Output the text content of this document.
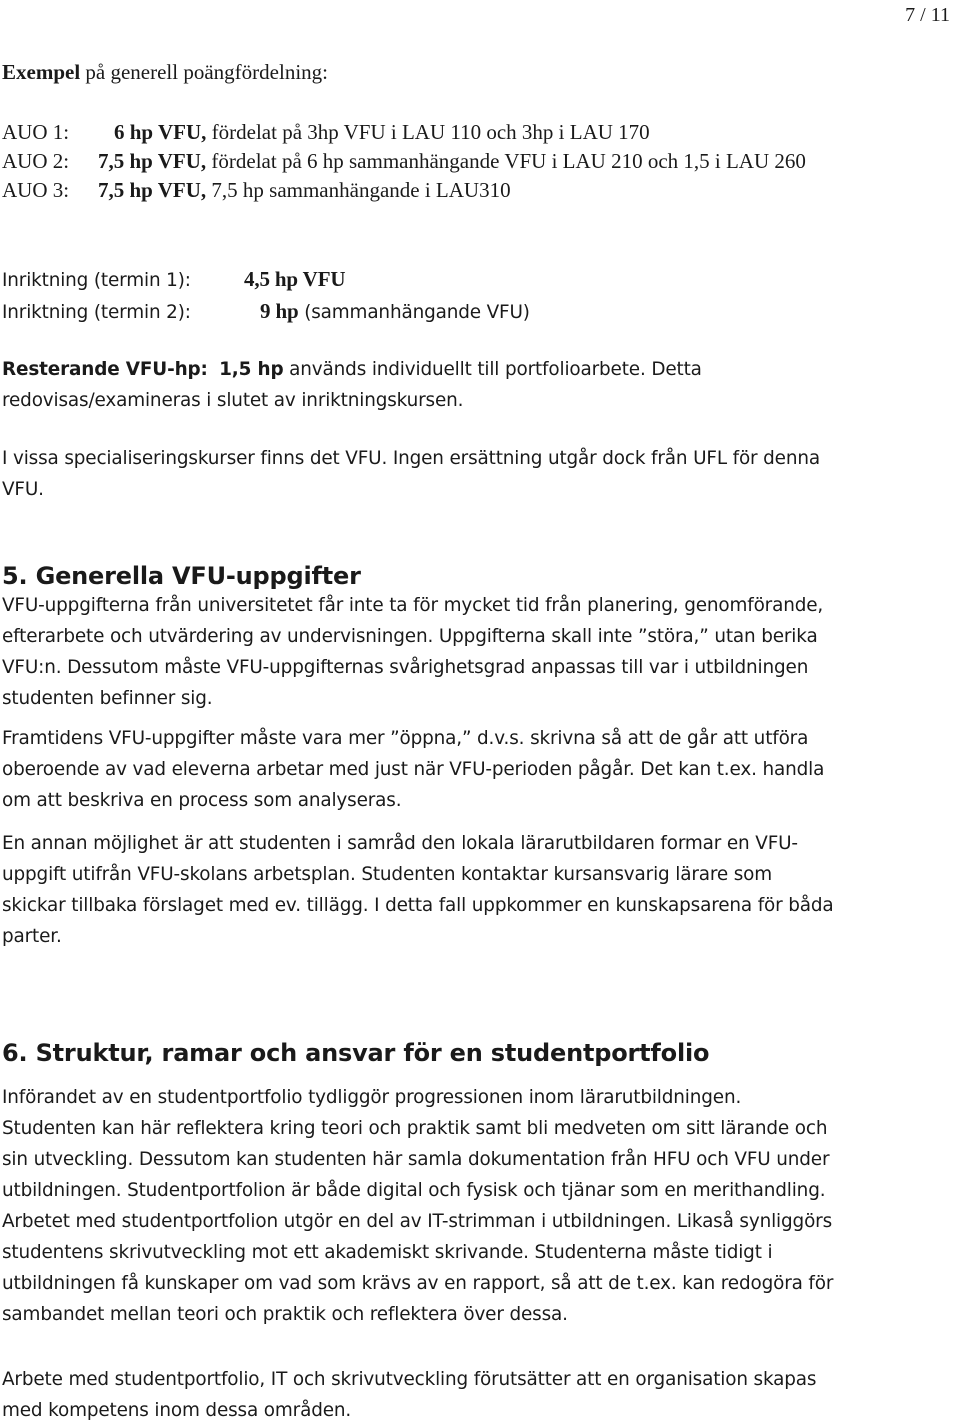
7 / 11
Exempel på generell poängfördelning:
AUO 1: 6 hp VFU, fördelat på 3hp VFU i LAU 110 och 3hp i LAU 170
AUO 2: 7,5 hp VFU, fördelat på 6 hp sammanhängande VFU i LAU 210 och 1,5 i LAU 260
AUO 3: 7,5 hp VFU, 7,5 hp sammanhängande i LAU310
Inriktning (termin 1):	4,5 hp VFU
Inriktning (termin 2):	9 hp (sammanhängande VFU)
Resterande VFU-hp: 1,5 hp används individuellt till portfolioarbete. Detta
redovisas/examineras i slutet av inriktningskursen.
I vissa specialiseringskurser finns det VFU. Ingen ersättning utgår dock från UFL för denna
VFU.
5. Generella VFU-uppgifter
VFU-uppgifterna från universitetet får inte ta för mycket tid från planering, genomförande,
efterarbete och utvärdering av undervisningen. Uppgifterna skall inte ”störa,” utan berika
VFU:n. Dessutom måste VFU-uppgifternas svårighetsgrad anpassas till var i utbildningen
studenten befinner sig.
Framtidens VFU-uppgifter måste vara mer ”öppna,” d.v.s. skrivna så att de går att utföra
oberoende av vad eleverna arbetar med just när VFU-perioden pågår. Det kan t.ex. handla
om att beskriva en process som analyseras.
En annan möjlighet är att studenten i samråd den lokala lärarutbildaren formar en VFU-
uppgift utifrån VFU-skolans arbetsplan. Studenten kontaktar kursansvarig lärare som
skickar tillbaka förslaget med ev. tillägg. I detta fall uppkommer en kunskapsarena för båda
parter.
6. Struktur, ramar och ansvar för en studentportfolio
Införandet av en studentportfolio tydliggör progressionen inom lärarutbildningen.
Studenten kan här reflektera kring teori och praktik samt bli medveten om sitt lärande och
sin utveckling. Dessutom kan studenten här samla dokumentation från HFU och VFU under
utbildningen. Studentportfolion är både digital och fysisk och tjänar som en merithandling.
Arbetet med studentportfolion utgör en del av IT-strimman i utbildningen. Likaså synliggörs
studentens skrivutveckling mot ett akademiskt skrivande. Studenterna måste tidigt i
utbildningen få kunskaper om vad som krävs av en rapport, så att de t.ex. kan redogöra för
sambandet mellan teori och praktik och reflektera över dessa.
Arbete med studentportfolio, IT och skrivutveckling förutsätter att en organisation skapas
med kompetens inom dessa områden.
